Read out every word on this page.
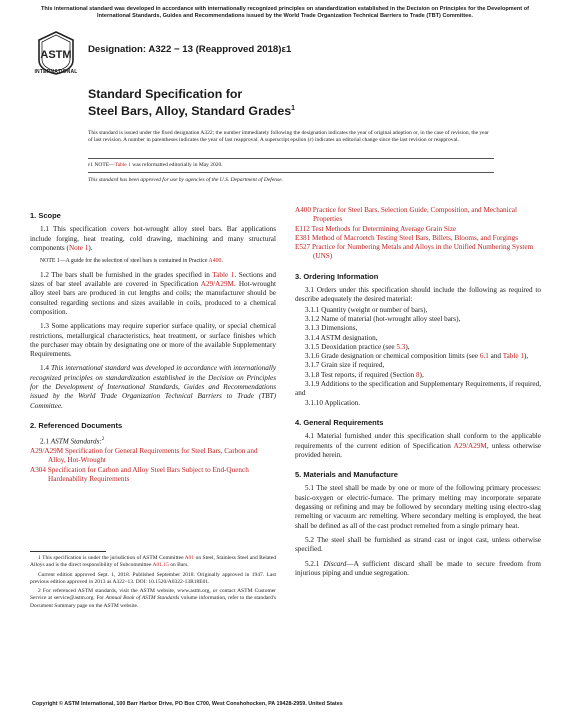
This international standard was developed in accordance with internationally recognized principles on standardization established in the Decision on Principles for the Development of International Standards, Guides and Recommendations issued by the World Trade Organization Technical Barriers to Trade (TBT) Committee.
ASTM
INTERNATIONAL
Designation: A322 − 13 (Reapproved 2018)ε1
Standard Specification for
Steel Bars, Alloy, Standard Grades$^1$
This standard is issued under the fixed designation A322; the number immediately following the designation indicates the year of original adoption or, in the case of revision, the year of last revision. A number in parentheses indicates the year of last reapproval. A superscript epsilon (ε) indicates an editorial change since the last revision or reapproval.
ε1 NOTE—Table 1 was reformatted editorially in May 2020.
This standard has been approved for use by agencies of the U.S. Department of Defense.
1. Scope
1.1 This specification covers hot-wrought alloy steel bars. Bar applications include forging, heat treating, cold drawing, machining and many structural components (Note 1).
NOTE 1—A guide for the selection of steel bars is contained in Practice A400.
1.2 The bars shall be furnished in the grades specified in Table 1. Sections and sizes of bar steel available are covered in Specification A29/A29M. Hot-wrought alloy steel bars are produced in cut lengths and coils; the manufacturer should be consulted regarding sections and sizes available in coils, produced to a chemical composition.
1.3 Some applications may require superior surface quality, or special chemical restrictions, metallurgical characteristics, heat treatment, or surface finishes which the purchaser may obtain by designating one or more of the available Supplementary Requirements.
1.4 This international standard was developed in accordance with internationally recognized principles on standardization established in the Decision on Principles for the Development of International Standards, Guides and Recommendations issued by the World Trade Organization Technical Barriers to Trade (TBT) Committee.
2. Referenced Documents
2.1 ASTM Standards:$^2$
A29/A29M Specification for General Requirements for Steel Bars, Carbon and Alloy, Hot-Wrought
A304 Specification for Carbon and Alloy Steel Bars Subject to End-Quench Hardenability Requirements
A400 Practice for Steel Bars, Selection Guide, Composition, and Mechanical Properties
E112 Test Methods for Determining Average Grain Size
E381 Method of Macroetch Testing Steel Bars, Billets, Blooms, and Forgings
E527 Practice for Numbering Metals and Alloys in the Unified Numbering System (UNS)
3. Ordering Information
3.1 Orders under this specification should include the following as required to describe adequately the desired material:
3.1.1 Quantity (weight or number of bars),
3.1.2 Name of material (hot-wrought alloy steel bars),
3.1.3 Dimensions,
3.1.4 ASTM designation,
3.1.5 Deoxidation practice (see 5.3),
3.1.6 Grade designation or chemical composition limits (see 6.1 and Table 1),
3.1.7 Grain size if required,
3.1.8 Test reports, if required (Section 8),
3.1.9 Additions to the specification and Supplementary Requirements, if required, and
3.1.10 Application.
4. General Requirements
4.1 Material furnished under this specification shall conform to the applicable requirements of the current edition of Specification A29/A29M, unless otherwise provided herein.
5. Materials and Manufacture
5.1 The steel shall be made by one or more of the following primary processes: basic-oxygen or electric-furnace. The primary melting may incorporate separate degassing or refining and may be followed by secondary melting using electro-slag remelting or vacuum arc remelting. Where secondary melting is employed, the heat shall be defined as all of the cast product remelted from a single primary heat.
5.2 The steel shall be furnished as strand cast or ingot cast, unless otherwise specified.
5.2.1 Discard—A sufficient discard shall be made to secure freedom from injurious piping and undue segregation.
1 This specification is under the jurisdiction of ASTM Committee A01 on Steel, Stainless Steel and Related Alloys and is the direct responsibility of Subcommittee A01.15 on Bars.
Current edition approved Sept. 1, 2018. Published September 2018. Originally approved in 1947. Last previous edition approved in 2013 as A322–13. DOI: 10.1520/A0322-13R18E01.
2 For referenced ASTM standards, visit the ASTM website, www.astm.org, or contact ASTM Customer Service at service@astm.org. For Annual Book of ASTM Standards volume information, refer to the standard's Document Summary page on the ASTM website.
Copyright © ASTM International, 100 Barr Harbor Drive, PO Box C700, West Conshohocken, PA 19428-2959. United States
